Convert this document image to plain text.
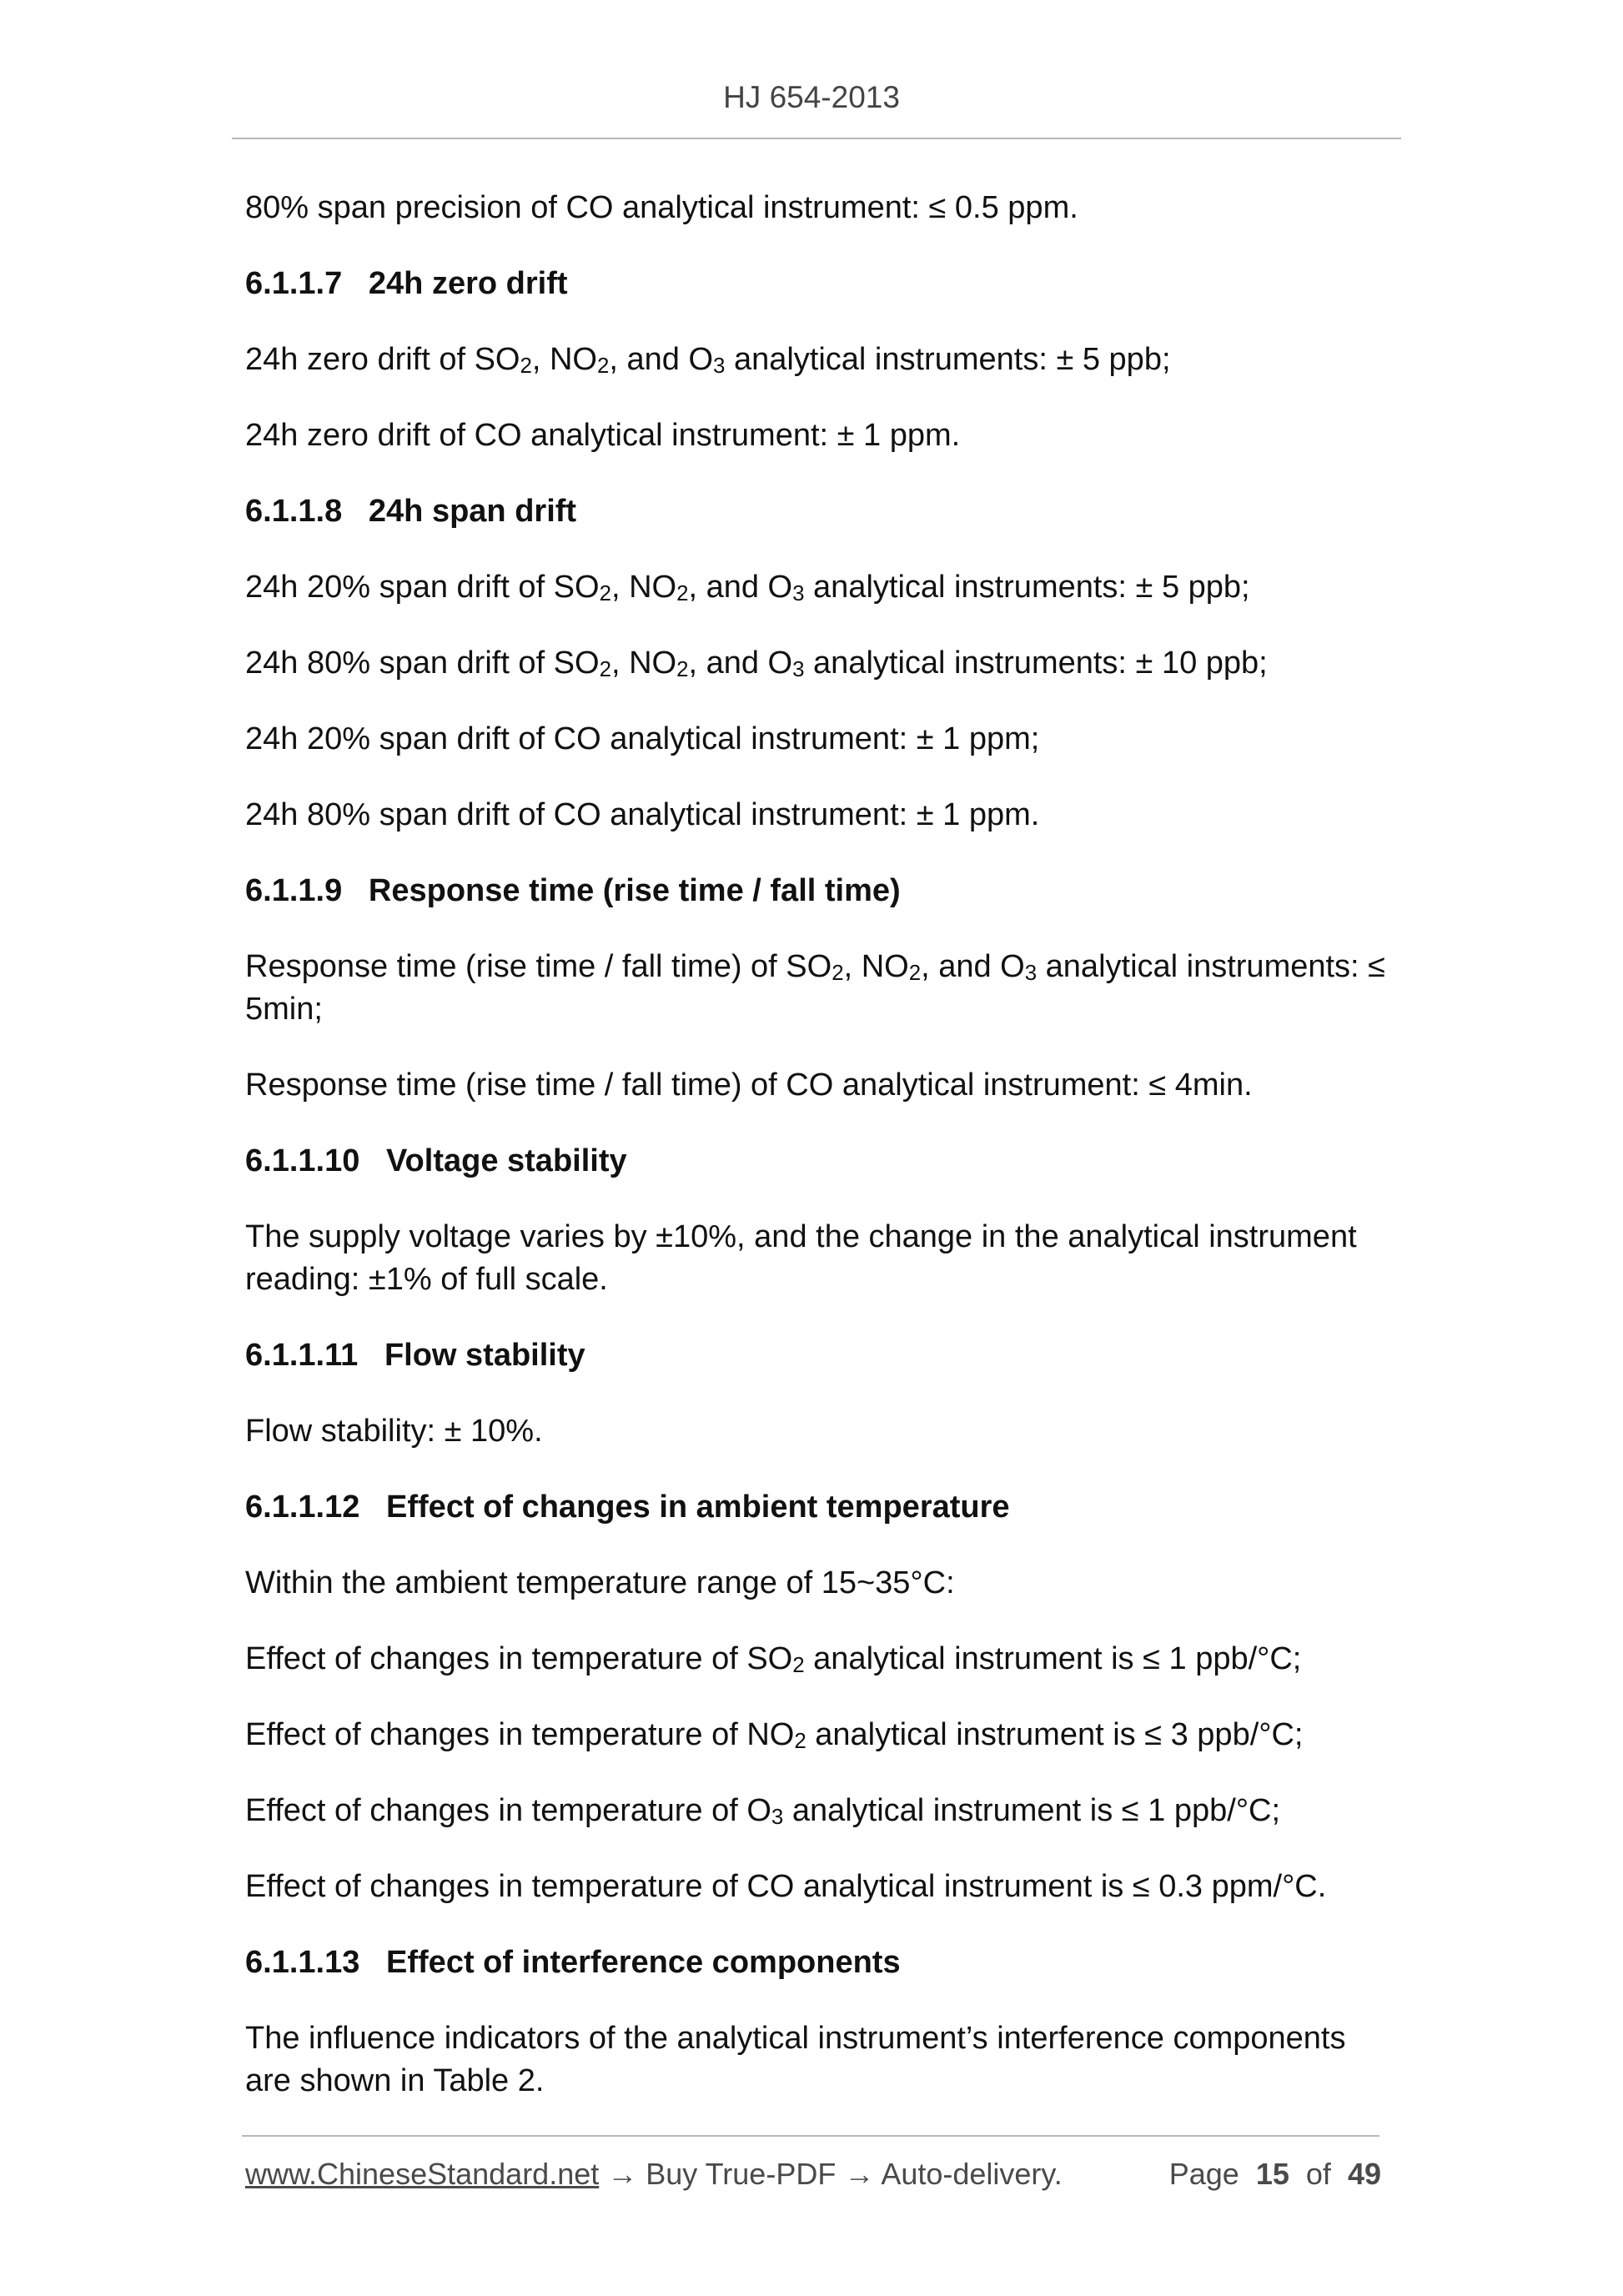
HJ 654-2013
80% span precision of CO analytical instrument: ≤ 0.5 ppm.
6.1.1.7 24h zero drift
24h zero drift of $SO_2$, $NO_2$, and $O_3$ analytical instruments: ± 5 ppb;
24h zero drift of CO analytical instrument: ± 1 ppm.
6.1.1.8 24h span drift
24h 20% span drift of $SO_2$, $NO_2$, and $O_3$ analytical instruments: ± 5 ppb;
24h 80% span drift of $SO_2$, $NO_2$, and $O_3$ analytical instruments: ± 10 ppb;
24h 20% span drift of CO analytical instrument: ± 1 ppm;
24h 80% span drift of CO analytical instrument: ± 1 ppm.
6.1.1.9 Response time (rise time / fall time)
Response time (rise time / fall time) of $SO_2$, $NO_2$, and $O_3$ analytical instruments: ≤ 5min;
Response time (rise time / fall time) of CO analytical instrument: ≤ 4min.
6.1.1.10 Voltage stability
The supply voltage varies by ±10%, and the change in the analytical instrument reading: ±1% of full scale.
6.1.1.11 Flow stability
Flow stability: ± 10%.
6.1.1.12 Effect of changes in ambient temperature
Within the ambient temperature range of 15~35°C:
Effect of changes in temperature of $SO_2$ analytical instrument is ≤ 1 ppb/°C;
Effect of changes in temperature of $NO_2$ analytical instrument is ≤ 3 ppb/°C;
Effect of changes in temperature of $O_3$ analytical instrument is ≤ 1 ppb/°C;
Effect of changes in temperature of CO analytical instrument is ≤ 0.3 ppm/°C.
6.1.1.13 Effect of interference components
The influence indicators of the analytical instrument’s interference components are shown in Table 2.
www.ChineseStandard.net → Buy True-PDF → Auto-delivery.	Page 15 of 49
